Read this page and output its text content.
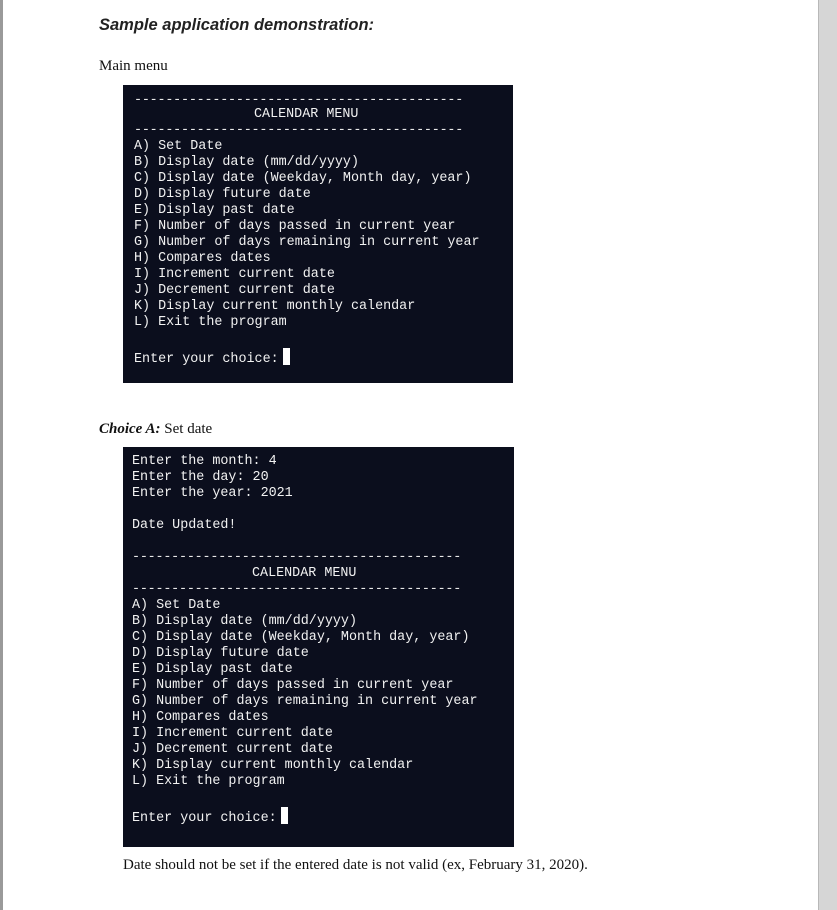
Sample application demonstration:
Main menu
------------------------------------------
CALENDAR MENU
------------------------------------------
A) Set Date
B) Display date (mm/dd/yyyy)
C) Display date (Weekday, Month day, year)
D) Display future date
E) Display past date
F) Number of days passed in current year
G) Number of days remaining in current year
H) Compares dates
I) Increment current date
J) Decrement current date
K) Display current monthly calendar
L) Exit the program
Enter your choice:
Choice A: Set date
Enter the month: 4
Enter the day: 20
Enter the year: 2021
Date Updated!
------------------------------------------
CALENDAR MENU
------------------------------------------
A) Set Date
B) Display date (mm/dd/yyyy)
C) Display date (Weekday, Month day, year)
D) Display future date
E) Display past date
F) Number of days passed in current year
G) Number of days remaining in current year
H) Compares dates
I) Increment current date
J) Decrement current date
K) Display current monthly calendar
L) Exit the program
Enter your choice:
Date should not be set if the entered date is not valid (ex, February 31, 2020).
